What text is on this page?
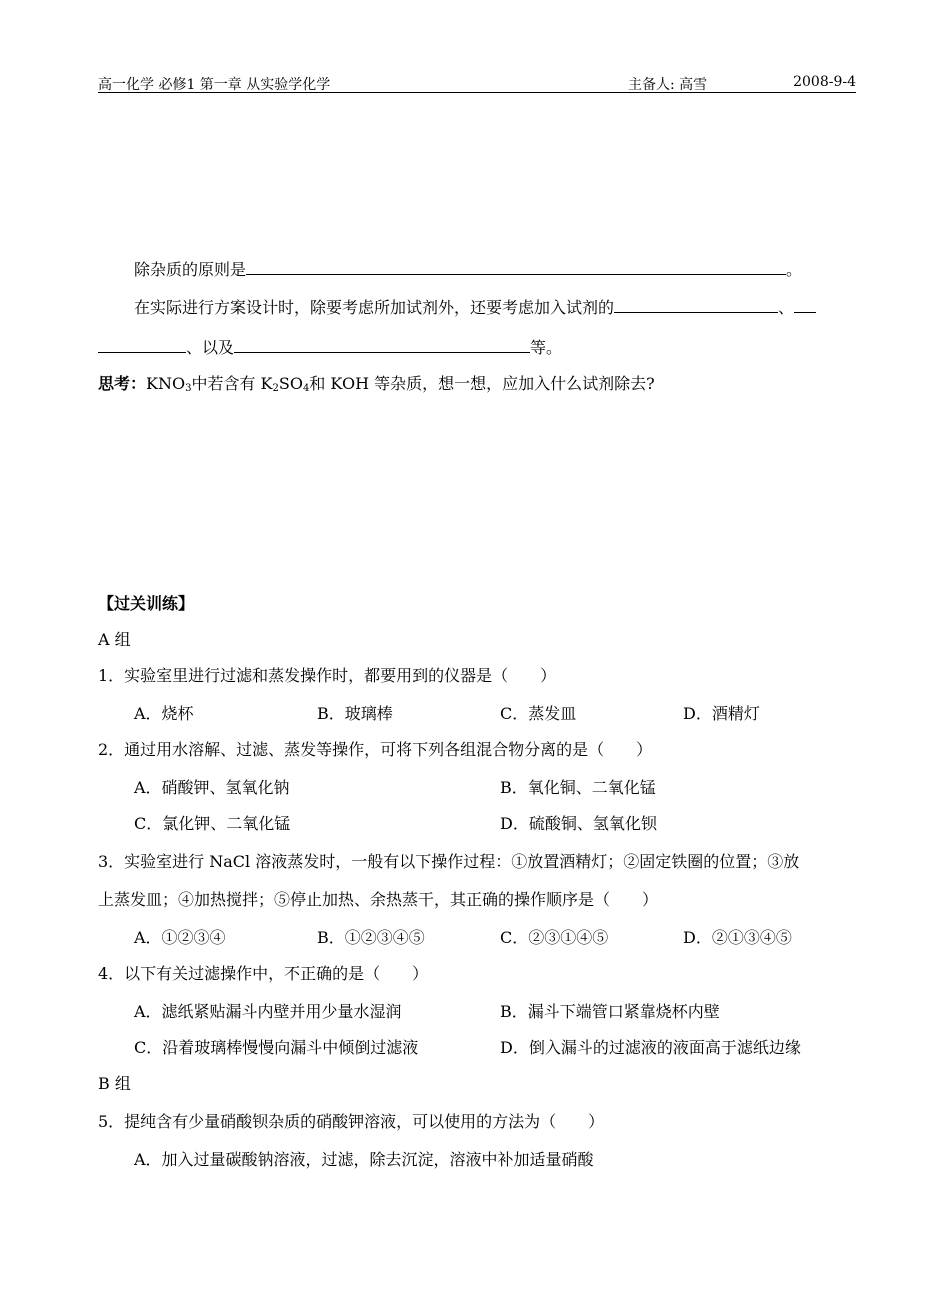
高一化学 必修1 第一章 从实验学化学	主备人: 高雪	2008-9-4
除杂质的原则是	。
在实际进行方案设计时，除要考虑所加试剂外，还要考虑加入试剂的	、
、以及	等。
思考：$KNO_3$中若含有 $K_2SO_4$和 KOH 等杂质，想一想，应加入什么试剂除去?
【过关训练】
A 组
1．实验室里进行过滤和蒸发操作时，都要用到的仪器是（　　）
A．烧杯	B．玻璃棒	C．蒸发皿	D．酒精灯
2．通过用水溶解、过滤、蒸发等操作，可将下列各组混合物分离的是（　　）
A．硝酸钾、氢氧化钠	B．氧化铜、二氧化锰
C．氯化钾、二氧化锰	D．硫酸铜、氢氧化钡
3．实验室进行 NaCl 溶液蒸发时，一般有以下操作过程：①放置酒精灯；②固定铁圈的位置；③放
上蒸发皿；④加热搅拌；⑤停止加热、余热蒸干，其正确的操作顺序是（　　）
A．①②③④	B．①②③④⑤	C．②③①④⑤	D．②①③④⑤
4．以下有关过滤操作中，不正确的是（　　）
A．滤纸紧贴漏斗内壁并用少量水湿润	B．漏斗下端管口紧靠烧杯内壁
C．沿着玻璃棒慢慢向漏斗中倾倒过滤液	D．倒入漏斗的过滤液的液面高于滤纸边缘
B 组
5．提纯含有少量硝酸钡杂质的硝酸钾溶液，可以使用的方法为（　　）
A．加入过量碳酸钠溶液，过滤，除去沉淀，溶液中补加适量硝酸
